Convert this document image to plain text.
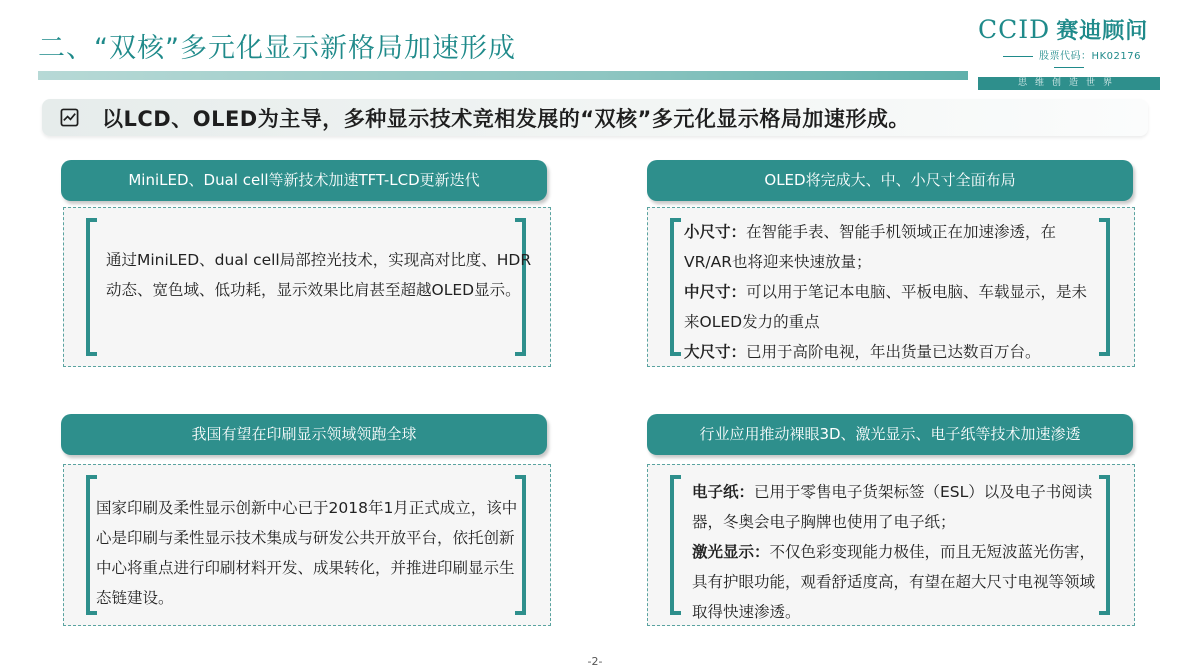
二、“双核”多元化显示新格局加速形成
CCID 赛迪顾问
股票代码：HK02176
思维创造世界
以LCD、OLED为主导，多种显示技术竞相发展的“双核”多元化显示格局加速形成。
MiniLED、Dual cell等新技术加速TFT-LCD更新迭代
通过MiniLED、dual cell局部控光技术，实现高对比度、HDR动态、宽色域、低功耗，显示效果比肩甚至超越OLED显示。
OLED将完成大、中、小尺寸全面布局

小尺寸：在智能手表、智能手机领域正在加速渗透，在VR/AR也将迎来快速放量；

中尺寸：可以用于笔记本电脑、平板电脑、车载显示，是未来OLED发力的重点

大尺寸：已用于高阶电视，年出货量已达数百万台。

我国有望在印刷显示领域领跑全球
国家印刷及柔性显示创新中心已于2018年1月正式成立，该中心是印刷与柔性显示技术集成与研发公共开放平台，依托创新中心将重点进行印刷材料开发、成果转化，并推进印刷显示生态链建设。
行业应用推动裸眼3D、激光显示、电子纸等技术加速渗透

电子纸：已用于零售电子货架标签（ESL）以及电子书阅读器，冬奥会电子胸牌也使用了电子纸；

激光显示：不仅色彩变现能力极佳，而且无短波蓝光伤害，具有护眼功能，观看舒适度高，有望在超大尺寸电视等领域取得快速渗透。

-2-
